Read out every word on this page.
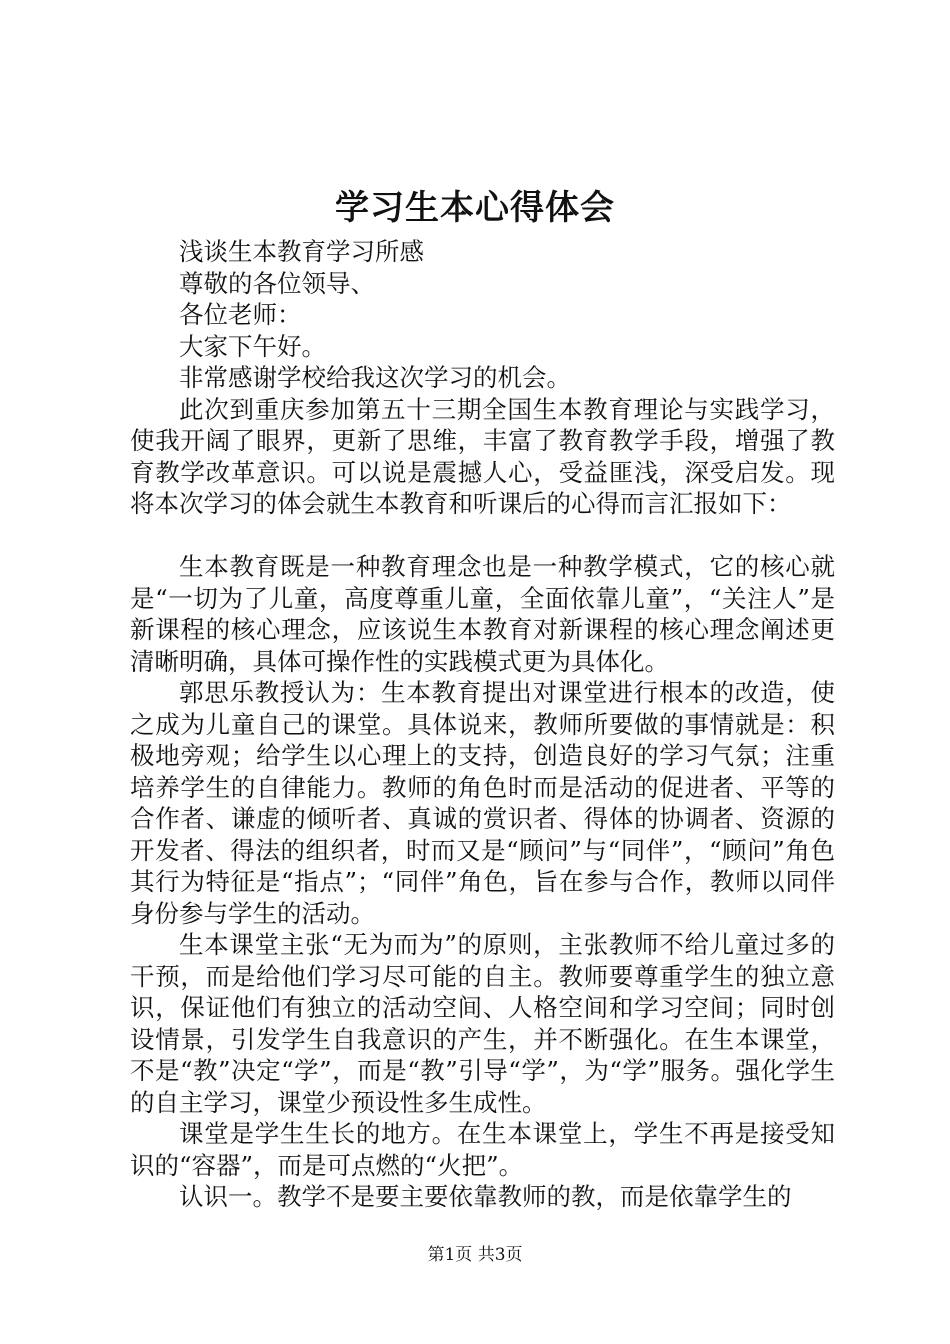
学习生本心得体会

浅谈生本教育学习所感

尊敬的各位领导、

各位老师：

大家下午好。

非常感谢学校给我这次学习的机会。

此次到重庆参加第五十三期全国生本教育理论与实践学习，使我开阔了眼界，更新了思维，丰富了教育教学手段，增强了教育教学改革意识。可以说是震撼人心，受益匪浅，深受启发。现将本次学习的体会就生本教育和听课后的心得而言汇报如下：

生本教育既是一种教育理念也是一种教学模式，它的核心就是“一切为了儿童，高度尊重儿童，全面依靠儿童”，“关注人”是新课程的核心理念，应该说生本教育对新课程的核心理念阐述更清晰明确，具体可操作性的实践模式更为具体化。

郭思乐教授认为：生本教育提出对课堂进行根本的改造，使之成为儿童自己的课堂。具体说来，教师所要做的事情就是：积极地旁观；给学生以心理上的支持，创造良好的学习气氛；注重培养学生的自律能力。教师的角色时而是活动的促进者、平等的合作者、谦虚的倾听者、真诚的赏识者、得体的协调者、资源的开发者、得法的组织者，时而又是“顾问”与“同伴”，“顾问”角色其行为特征是“指点”；“同伴”角色，旨在参与合作，教师以同伴身份参与学生的活动。

生本课堂主张“无为而为”的原则，主张教师不给儿童过多的干预，而是给他们学习尽可能的自主。教师要尊重学生的独立意识，保证他们有独立的活动空间、人格空间和学习空间；同时创设情景，引发学生自我意识的产生，并不断强化。在生本课堂，不是“教”决定“学”，而是“教”引导“学”，为“学”服务。强化学生的自主学习，课堂少预设性多生成性。

课堂是学生生长的地方。在生本课堂上，学生不再是接受知识的“容器”，而是可点燃的“火把”。

认识一。教学不是要主要依靠教师的教，而是依靠学生的

第1页 共3页
